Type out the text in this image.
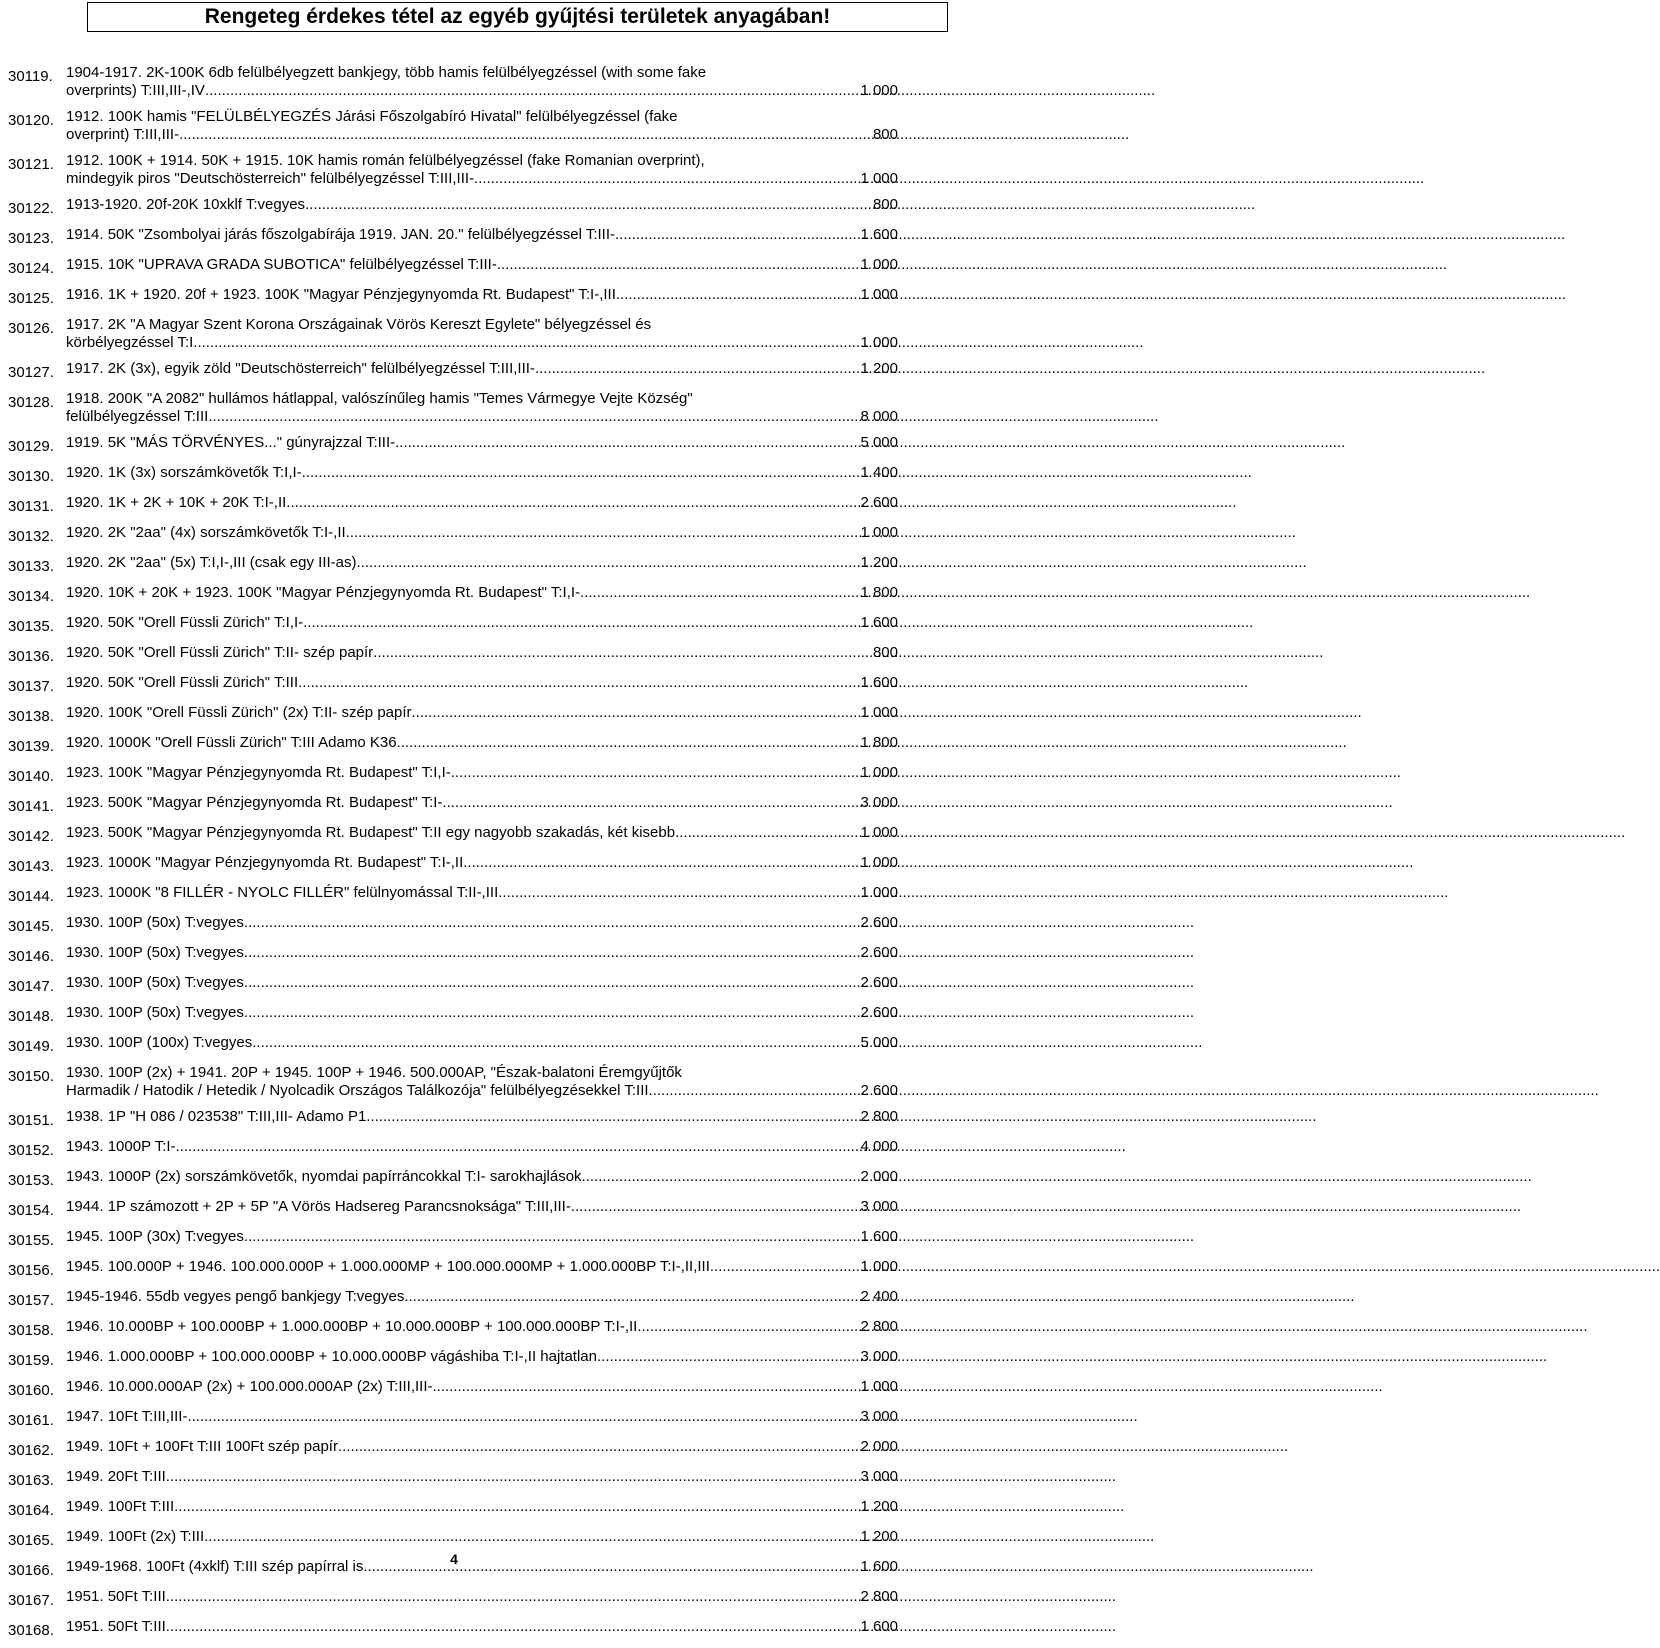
Rengeteg érdekes tétel az egyéb gyűjtési területek anyagában!
30119. 1904-1917. 2K-100K 6db felülbélyegzett bankjegy, több hamis felülbélyegzéssel (with some fake
overprints) T:III,III-,IV .....	1 000
30120. 1912. 100K hamis "FELÜLBÉLYEGZÉS Járási Főszolgabíró Hivatal" felülbélyegzéssel (fake
overprint) T:III,III- .....	800
30121. 1912. 100K + 1914. 50K + 1915. 10K hamis román felülbélyegzéssel (fake Romanian overprint),
mindegyik piros "Deutschösterreich" felülbélyegzéssel T:III,III- .....	1 000
30122. 1913-1920. 20f-20K 10xklf T:vegyes .....	800
30123. 1914. 50K "Zsombolyai járás főszolgabírája 1919. JAN. 20." felülbélyegzéssel T:III- .....	1 600
30124. 1915. 10K "UPRAVA GRADA SUBOTICA" felülbélyegzéssel T:III- .....	1 000
30125. 1916. 1K + 1920. 20f + 1923. 100K "Magyar Pénzjegynyomda Rt. Budapest" T:I-,III .....	1 000
30126. 1917. 2K "A Magyar Szent Korona Országainak Vörös Kereszt Egylete" bélyegzéssel és
körbélyegzéssel T:I .....	1 000
30127. 1917. 2K (3x), egyik zöld "Deutschösterreich" felülbélyegzéssel T:III,III- .....	1 200
30128. 1918. 200K "A 2082" hullámos hátlappal, valószínűleg hamis "Temes Vármegye Vejte Község"
felülbélyegzéssel T:III .....	8 000
30129. 1919. 5K "MÁS TÖRVÉNYES..." gúnyrajzzal T:III- .....	5 000
30130. 1920. 1K (3x) sorszámkövetők T:I,I- .....	1 400
30131. 1920. 1K + 2K + 10K + 20K T:I-,II .....	2 600
30132. 1920. 2K "2aa" (4x) sorszámkövetők T:I-,II .....	1 000
30133. 1920. 2K "2aa" (5x) T:I,I-,III (csak egy III-as) .....	1 200
30134. 1920. 10K + 20K + 1923. 100K "Magyar Pénzjegynyomda Rt. Budapest" T:I,I- .....	1 800
30135. 1920. 50K "Orell Füssli Zürich" T:I,I- .....	1 600
30136. 1920. 50K "Orell Füssli Zürich" T:II- szép papír .....	800
30137. 1920. 50K "Orell Füssli Zürich" T:III .....	1 600
30138. 1920. 100K "Orell Füssli Zürich" (2x) T:II- szép papír .....	1 000
30139. 1920. 1000K "Orell Füssli Zürich" T:III Adamo K36 .....	1 800
30140. 1923. 100K "Magyar Pénzjegynyomda Rt. Budapest" T:I,I- .....	1 000
30141. 1923. 500K "Magyar Pénzjegynyomda Rt. Budapest" T:I- .....	3 000
30142. 1923. 500K "Magyar Pénzjegynyomda Rt. Budapest" T:II egy nagyobb szakadás, két kisebb .....	1 000
30143. 1923. 1000K "Magyar Pénzjegynyomda Rt. Budapest" T:I-,II .....	1 000
30144. 1923. 1000K "8 FILLÉR - NYOLC FILLÉR" felülnyomással T:II-,III .....	1 000
30145. 1930. 100P (50x) T:vegyes .....	2 600
30146. 1930. 100P (50x) T:vegyes .....	2 600
30147. 1930. 100P (50x) T:vegyes .....	2 600
30148. 1930. 100P (50x) T:vegyes .....	2 600
30149. 1930. 100P (100x) T:vegyes .....	5 000
30150. 1930. 100P (2x) + 1941. 20P + 1945. 100P + 1946. 500.000AP, "Észak-balatoni Éremgyűjtők
Harmadik / Hatodik / Hetedik / Nyolcadik Országos Találkozója" felülbélyegzésekkel T:III .....	2 600
30151. 1938. 1P "H 086 / 023538" T:III,III- Adamo P1 .....	2 800
30152. 1943. 1000P T:I- .....	4 000
30153. 1943. 1000P (2x) sorszámkövetők, nyomdai papírráncokkal T:I- sarokhajlások .....	2 000
30154. 1944. 1P számozott + 2P + 5P "A Vörös Hadsereg Parancsnoksága" T:III,III- .....	3 000
30155. 1945. 100P (30x) T:vegyes .....	1 600
30156. 1945. 100.000P + 1946. 100.000.000P + 1.000.000MP + 100.000.000MP + 1.000.000BP T:I-,II,III .....	1 000
30157. 1945-1946. 55db vegyes pengő bankjegy T:vegyes .....	2 400
30158. 1946. 10.000BP + 100.000BP + 1.000.000BP + 10.000.000BP + 100.000.000BP T:I-,II .....	2 800
30159. 1946. 1.000.000BP + 100.000.000BP + 10.000.000BP vágáshiba T:I-,II hajtatlan .....	3 000
30160. 1946. 10.000.000AP (2x) + 100.000.000AP (2x) T:III,III- .....	1 000
30161. 1947. 10Ft T:III,III- .....	3 000
30162. 1949. 10Ft + 100Ft T:III 100Ft szép papír .....	2 000
30163. 1949. 20Ft T:III .....	3 000
30164. 1949. 100Ft T:III .....	1 200
30165. 1949. 100Ft (2x) T:III .....	1 200
30166. 1949-1968. 100Ft (4xklf) T:III szép papírral is .....	1 600
30167. 1951. 50Ft T:III .....	2 800
30168. 1951. 50Ft T:III .....	1 600
4
